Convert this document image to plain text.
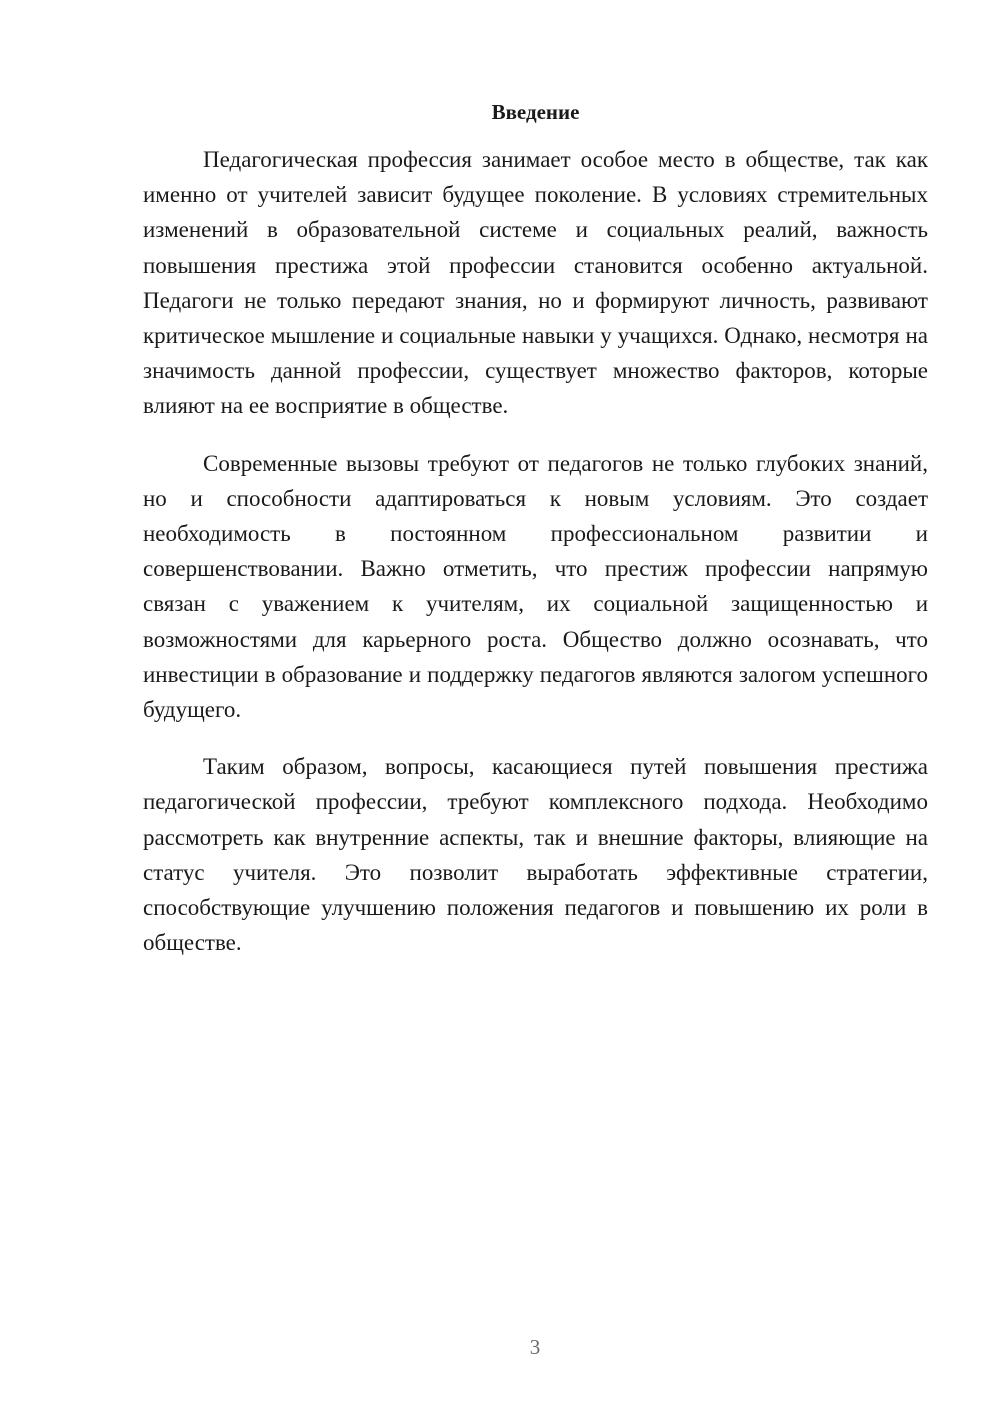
Введение

Педагогическая профессия занимает особое место в обществе, так как именно от учителей зависит будущее поколение. В условиях стремительных изменений в образовательной системе и социальных реалий, важность повышения престижа этой профессии становится особенно актуальной. Педагоги не только передают знания, но и формируют личность, развивают критическое мышление и социальные навыки у учащихся. Однако, несмотря на значимость данной профессии, существует множество факторов, которые влияют на ее восприятие в обществе.

Современные вызовы требуют от педагогов не только глубоких знаний, но и способности адаптироваться к новым условиям. Это создает необходимость в постоянном профессиональном развитии и совершенствовании. Важно отметить, что престиж профессии напрямую связан с уважением к учителям, их социальной защищенностью и возможностями для карьерного роста. Общество должно осознавать, что инвестиции в образование и поддержку педагогов являются залогом успешного будущего.

Таким образом, вопросы, касающиеся путей повышения престижа педагогической профессии, требуют комплексного подхода. Необходимо рассмотреть как внутренние аспекты, так и внешние факторы, влияющие на статус учителя. Это позволит выработать эффективные стратегии, способствующие улучшению положения педагогов и повышению их роли в обществе.

3
